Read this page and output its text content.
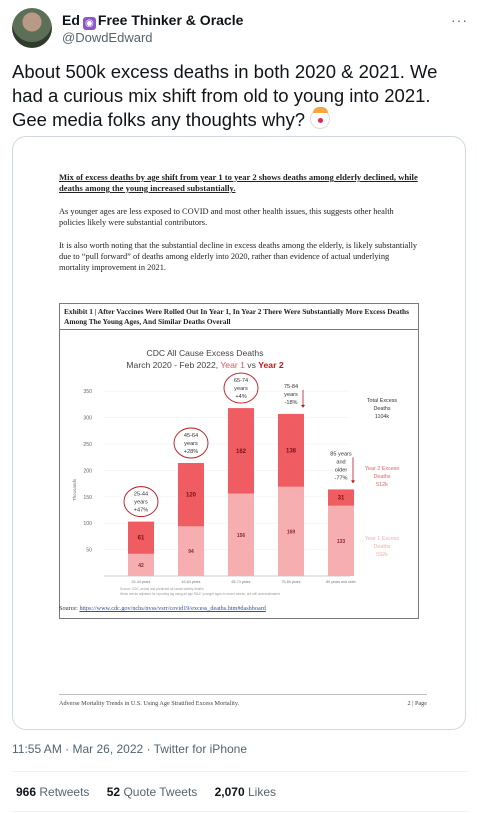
Ed ◉ Free Thinker & Oracle
@DowdEdward
···
About 500k excess deaths in both 2020 & 2021. We had a curious mix shift from old to young into 2021. Gee media folks any thoughts why?
Mix of excess deaths by age shift from year 1 to year 2 shows deaths among elderly declined, while deaths among the young increased substantially.
As younger ages are less exposed to COVID and most other health issues, this suggests other health policies likely were substantial contributors.
It is also worth noting that the substantial decline in excess deaths among the elderly, is likely substantially due to “pull forward” of deaths among elderly into 2020, rather than evidence of actual underlying mortality improvement in 2021.
Exhibit 1 | After Vaccines Were Rolled Out In Year 1, In Year 2 There Were Substantially More Excess Deaths Among The Young Ages, And Similar Deaths Overall
CDC All Cause Excess Deaths
March 2020 - Feb 2022, Year 1 vs Year 2
Thousands
50
100
150
200
250
300
350
42
61
25-44 years
25-44
years
+47%
94
120
45-64 years
45-64
years
+28%
156
162
65-74 years
65-74
years
+4%
169
138
75-84 years
75-84
years
-18%
133
31
85 years and older
85 years
and
older
-77%
Total Excess
Deaths
1104k
Year 2 Excess
Deaths
512k
Year 1 Excess
Deaths
592k
Source: CDC, actual and predicted all cause weekly deaths
Week weeks adjusted for reporting lag using all age 'B&C' younger ages to recent weeks, are still underestimated
Source: https://www.cdc.gov/nchs/nvss/vsrr/covid19/excess_deaths.htm#dashboard
Adverse Mortality Trends in U.S. Using Age Stratified Excess Mortality.	2 | Page
11:55 AM · Mar 26, 2022 · Twitter for iPhone
966 Retweets 52 Quote Tweets 2,070 Likes
